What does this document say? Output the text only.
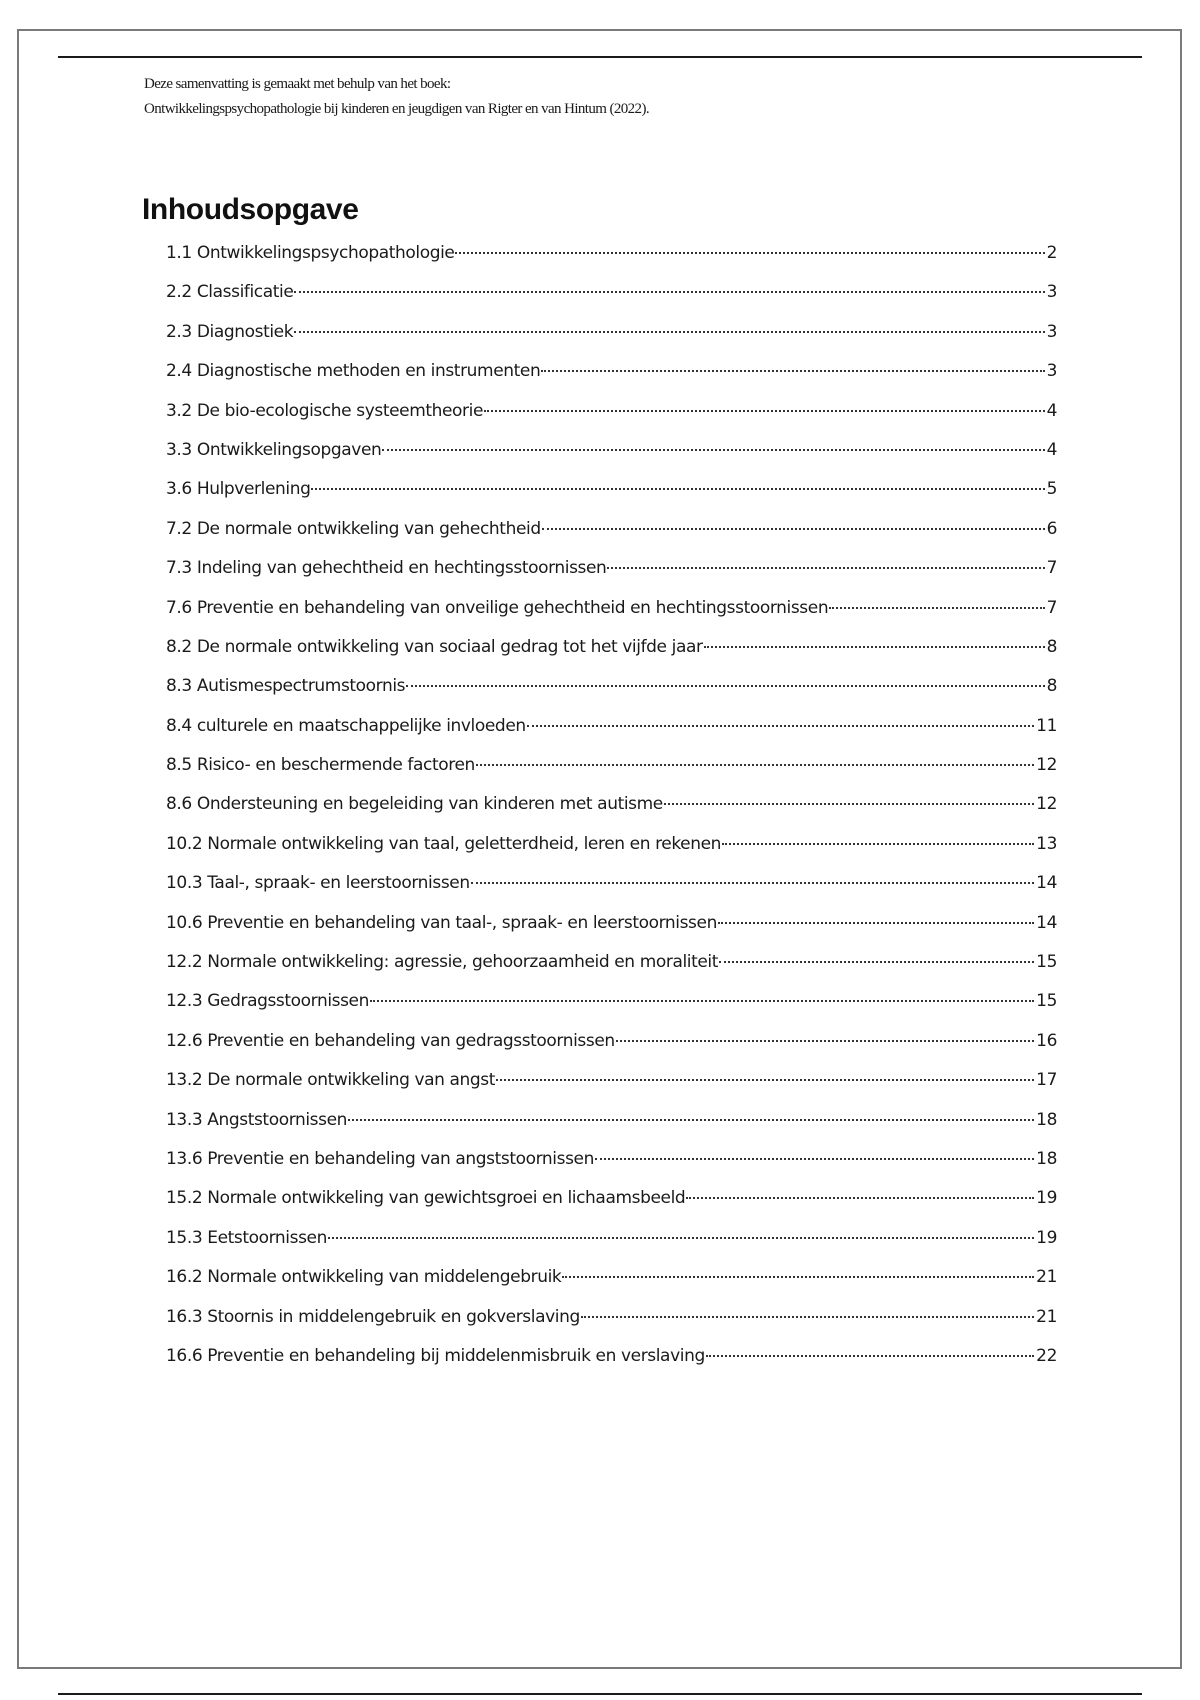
Deze samenvatting is gemaakt met behulp van het boek:
Ontwikkelingspsychopathologie bij kinderen en jeugdigen van Rigter en van Hintum (2022).
Inhoudsopgave
1.1 Ontwikkelingspsychopathologie	2
2.2 Classificatie	3
2.3 Diagnostiek	3
2.4 Diagnostische methoden en instrumenten	3
3.2 De bio-ecologische systeemtheorie	4
3.3 Ontwikkelingsopgaven	4
3.6 Hulpverlening	5
7.2 De normale ontwikkeling van gehechtheid	6
7.3 Indeling van gehechtheid en hechtingsstoornissen	7
7.6 Preventie en behandeling van onveilige gehechtheid en hechtingsstoornissen	7
8.2 De normale ontwikkeling van sociaal gedrag tot het vijfde jaar	8
8.3 Autismespectrumstoornis	8
8.4 culturele en maatschappelijke invloeden	11
8.5 Risico- en beschermende factoren	12
8.6 Ondersteuning en begeleiding van kinderen met autisme	12
10.2 Normale ontwikkeling van taal, geletterdheid, leren en rekenen	13
10.3 Taal-, spraak- en leerstoornissen	14
10.6 Preventie en behandeling van taal-, spraak- en leerstoornissen	14
12.2 Normale ontwikkeling: agressie, gehoorzaamheid en moraliteit	15
12.3 Gedragsstoornissen	15
12.6 Preventie en behandeling van gedragsstoornissen	16
13.2 De normale ontwikkeling van angst	17
13.3 Angststoornissen	18
13.6 Preventie en behandeling van angststoornissen	18
15.2 Normale ontwikkeling van gewichtsgroei en lichaamsbeeld	19
15.3 Eetstoornissen	19
16.2 Normale ontwikkeling van middelengebruik	21
16.3 Stoornis in middelengebruik en gokverslaving	21
16.6 Preventie en behandeling bij middelenmisbruik en verslaving	22
